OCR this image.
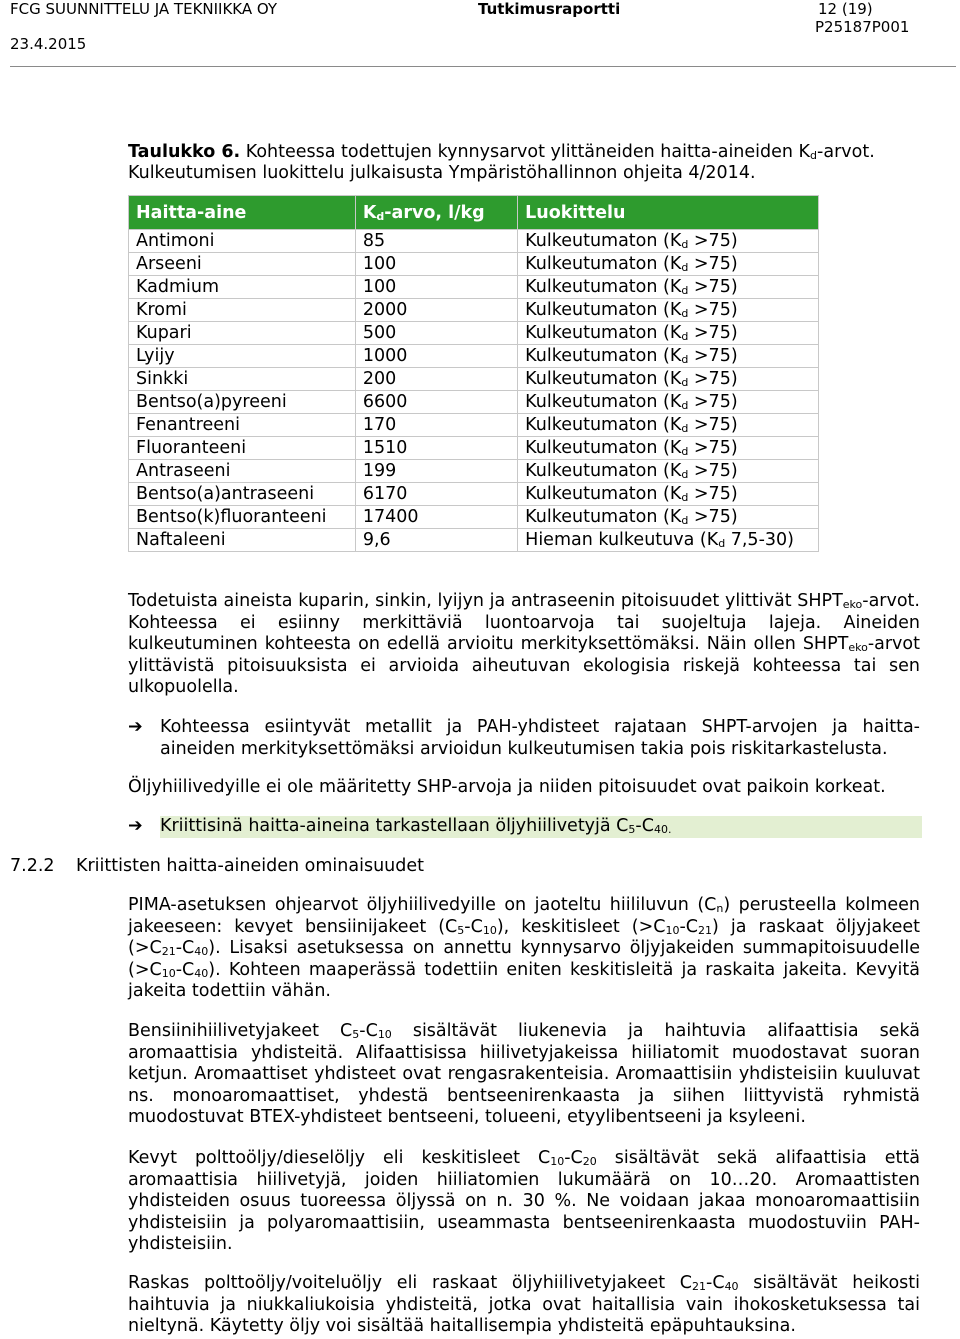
FCG SUUNNITTELU JA TEKNIIKKA OY	Tutkimusraportti	12 (19)
23.4.2015
P25187P001
Taulukko 6. Kohteessa todettujen kynnysarvot ylittäneiden haitta-aineiden $K_d$-arvot. Kulkeutumisen luokittelu julkaisusta Ympäristöhallinnon ohjeita 4/2014.
Haitta-aine	$K_d$-arvo, l/kg	Luokittelu
Antimoni	85	Kulkeutumaton $(K_d >75)$
Arseeni	100	Kulkeutumaton $(K_d >75)$
Kadmium	100	Kulkeutumaton $(K_d >75)$
Kromi	2000	Kulkeutumaton $(K_d >75)$
Kupari	500	Kulkeutumaton $(K_d >75)$
Lyijy	1000	Kulkeutumaton $(K_d >75)$
Sinkki	200	Kulkeutumaton $(K_d >75)$
Bentso(a)pyreeni	6600	Kulkeutumaton $(K_d >75)$
Fenantreeni	170	Kulkeutumaton $(K_d >75)$
Fluoranteeni	1510	Kulkeutumaton $(K_d >75)$
Antraseeni	199	Kulkeutumaton $(K_d >75)$
Bentso(a)antraseeni	6170	Kulkeutumaton $(K_d >75)$
Bentso(k)fluoranteeni	17400	Kulkeutumaton $(K_d >75)$
Naftaleeni	9,6	Hieman kulkeutuva ($K_d$ 7,5-30)
Todetuista aineista kuparin, sinkin, lyijyn ja antraseenin pitoisuudet ylittivät $SHPT_{eko}$-arvot. Kohteessa ei esiinny merkittäviä luontoarvoja tai suojeltuja lajeja. Aineiden kulkeutuminen kohteesta on edellä arvioitu merkityksettömäksi. Näin ollen $SHPT_{eko}$-arvot ylittävistä pitoisuuksista ei arvioida aiheutuvan ekologisia riskejä kohteessa tai sen ulkopuolella.
➔ Kohteessa esiintyvät metallit ja PAH-yhdisteet rajataan SHPT-arvojen ja haitta-aineiden merkityksettömäksi arvioidun kulkeutumisen takia pois riskitarkastelusta.
Öljyhiilivedyille ei ole määritetty SHP-arvoja ja niiden pitoisuudet ovat paikoin korkeat.
➔ Kriittisinä haitta-aineina tarkastellaan öljyhiilivetyjä $C_5-C_{40.}$
7.2.2 Kriittisten haitta-aineiden ominaisuudet
PIMA-asetuksen ohjearvot öljyhiilivedyille on jaoteltu hiililuvun $(C_n)$ perusteella kolmeen jakeeseen: kevyet bensiinijakeet $(C_5-C_{10})$, keskitisleet $(>C_{10}-C_{21})$ ja raskaat öljyjakeet $(>C_{21}-C_{40})$. Lisaksi asetuksessa on annettu kynnysarvo öljyjakeiden summapitoisuudelle $(>C_{10}-C_{40})$. Kohteen maaperässä todettiin eniten keskitisleitä ja raskaita jakeita. Kevyitä jakeita todettiin vähän.
Bensiinihiilivetyjakeet $C_5-C_{10}$ sisältävät liukenevia ja haihtuvia alifaattisia sekä aromaattisia yhdisteitä. Alifaattisissa hiilivetyjakeissa hiiliatomit muodostavat suoran ketjun. Aromaattiset yhdisteet ovat rengasrakenteisia. Aromaattisiin yhdisteisiin kuuluvat ns. monoaromaattiset, yhdestä bentseenirenkaasta ja siihen liittyvistä ryhmistä muodostuvat BTEX-yhdisteet bentseeni, tolueeni, etyylibentseeni ja ksyleeni.
Kevyt polttoöljy/dieselöljy eli keskitisleet $C_{10}-C_{20}$ sisältävät sekä alifaattisia että aromaattisia hiilivetyjä, joiden hiiliatomien lukumäärä on 10…20. Aromaattisten yhdisteiden osuus tuoreessa öljyssä on n. 30 %. Ne voidaan jakaa monoaromaattisiin yhdisteisiin ja polyaromaattisiin, useammasta bentseenirenkaasta muodostuviin PAH-yhdisteisiin.
Raskas polttoöljy/voiteluöljy eli raskaat öljyhiilivetyjakeet $C_{21}-C_{40}$ sisältävät heikosti haihtuvia ja niukkaliukoisia yhdisteitä, jotka ovat haitallisia vain ihokosketuksessa tai nieltynä. Käytetty öljy voi sisältää haitallisempia yhdisteitä epäpuhtauksina.
